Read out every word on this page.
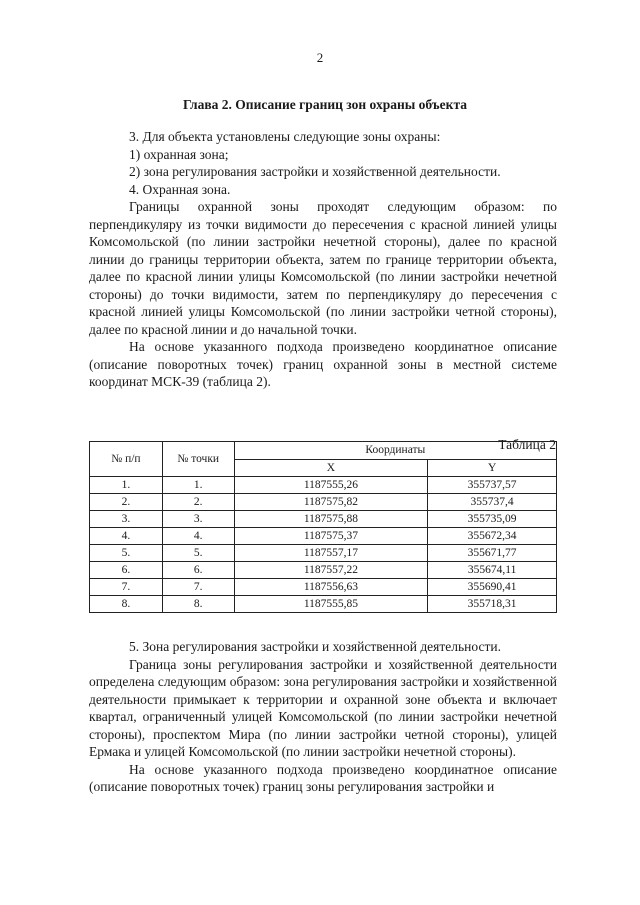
2
Глава 2. Описание границ зон охраны объекта

3. Для объекта установлены следующие зоны охраны:

1) охранная зона;

2) зона регулирования застройки и хозяйственной деятельности.

4. Охранная зона.

Границы охранной зоны проходят следующим образом: по перпендикуляру из точки видимости до пересечения с красной линией улицы Комсомольской (по линии застройки нечетной стороны), далее по красной линии до границы территории объекта, затем по границе территории объекта, далее по красной линии улицы Комсомольской (по линии застройки нечетной стороны) до точки видимости, затем по перпендикуляру до пересечения с красной линией улицы Комсомольской (по линии застройки четной стороны), далее по красной линии и до начальной точки.

На основе указанного подхода произведено координатное описание (описание поворотных точек) границ охранной зоны в местной системе координат МСК-39 (таблица 2).

Таблица 2
№ п/п	№ точки	Координаты	
		X	Y
1.	1.	1187555,26	355737,57
2.	2.	1187575,82	355737,4
3.	3.	1187575,88	355735,09
4.	4.	1187575,37	355672,34
5.	5.	1187557,17	355671,77
6.	6.	1187557,22	355674,11
7.	7.	1187556,63	355690,41
8.	8.	1187555,85	355718,31

5. Зона регулирования застройки и хозяйственной деятельности.

Граница зоны регулирования застройки и хозяйственной деятельности определена следующим образом: зона регулирования застройки и хозяйственной деятельности примыкает к территории и охранной зоне объекта и включает квартал, ограниченный улицей Комсомольской (по линии застройки нечетной стороны), проспектом Мира (по линии застройки четной стороны), улицей Ермака и улицей Комсомольской (по линии застройки нечетной стороны).

На основе указанного подхода произведено координатное описание (описание поворотных точек) границ зоны регулирования застройки и
